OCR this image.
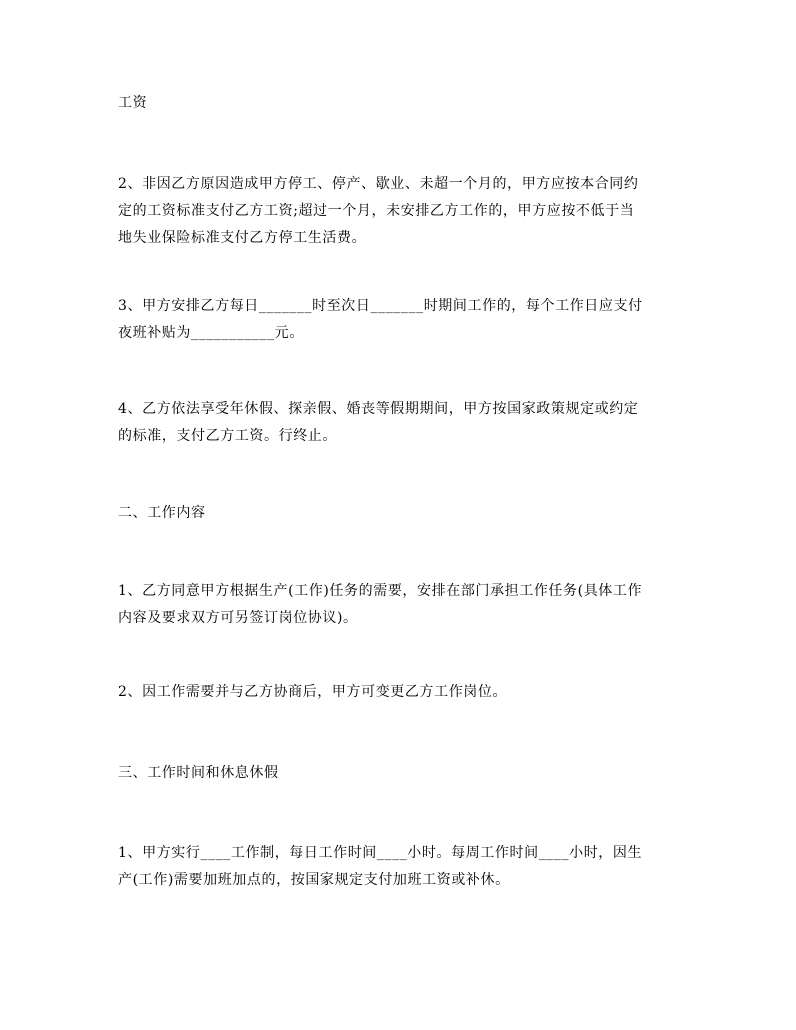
工资
2、非因乙方原因造成甲方停工、停产、歇业、未超一个月的，甲方应按本合同约
定的工资标准支付乙方工资;超过一个月，未安排乙方工作的，甲方应按不低于当
地失业保险标准支付乙方停工生活费。
3、甲方安排乙方每日_______时至次日_______时期间工作的，每个工作日应支付
夜班补贴为___________元。
4、乙方依法享受年休假、探亲假、婚丧等假期期间，甲方按国家政策规定或约定
的标准，支付乙方工资。行终止。
二、工作内容
1、乙方同意甲方根据生产(工作)任务的需要，安排在部门承担工作任务(具体工作
内容及要求双方可另签订岗位协议)。
2、因工作需要并与乙方协商后，甲方可变更乙方工作岗位。
三、工作时间和休息休假
1、甲方实行____工作制，每日工作时间____小时。每周工作时间____小时，因生
产(工作)需要加班加点的，按国家规定支付加班工资或补休。
